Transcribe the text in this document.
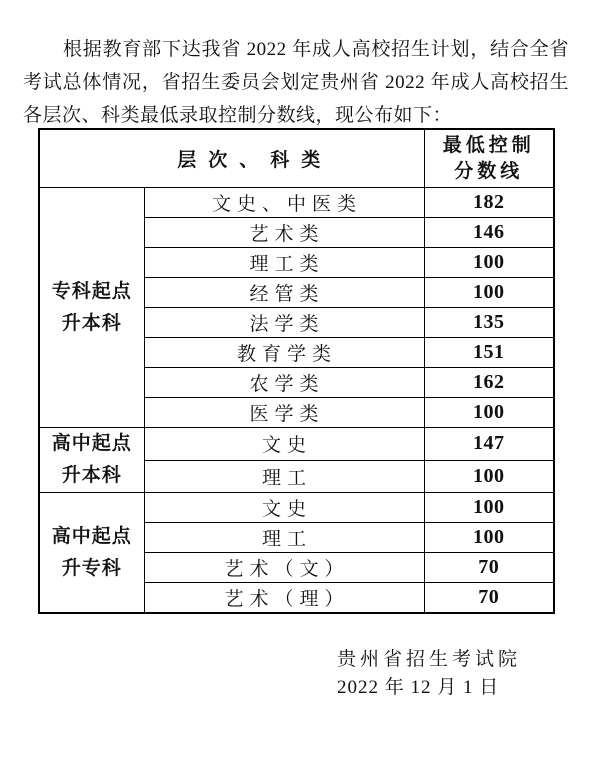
根据教育部下达我省 2022 年成人高校招生计划，结合全省考试总体情况，省招生委员会划定贵州省 2022 年成人高校招生各层次、科类最低录取控制分数线，现公布如下：

层次、科类		最低控制
分数线

专科起点
升本科	文史、中医类	182
	艺术类	146
	理工类	100
	经管类	100
	法学类	135
	教育学类	151
	农学类	162
	医学类	100

高中起点
升本科	文史	147
	理工	100

高中起点
升专科	文史	100
	理工	100
	艺术（文）	70
	艺术（理）	70
贵州省招生考试院
2022 年 12 月 1 日
